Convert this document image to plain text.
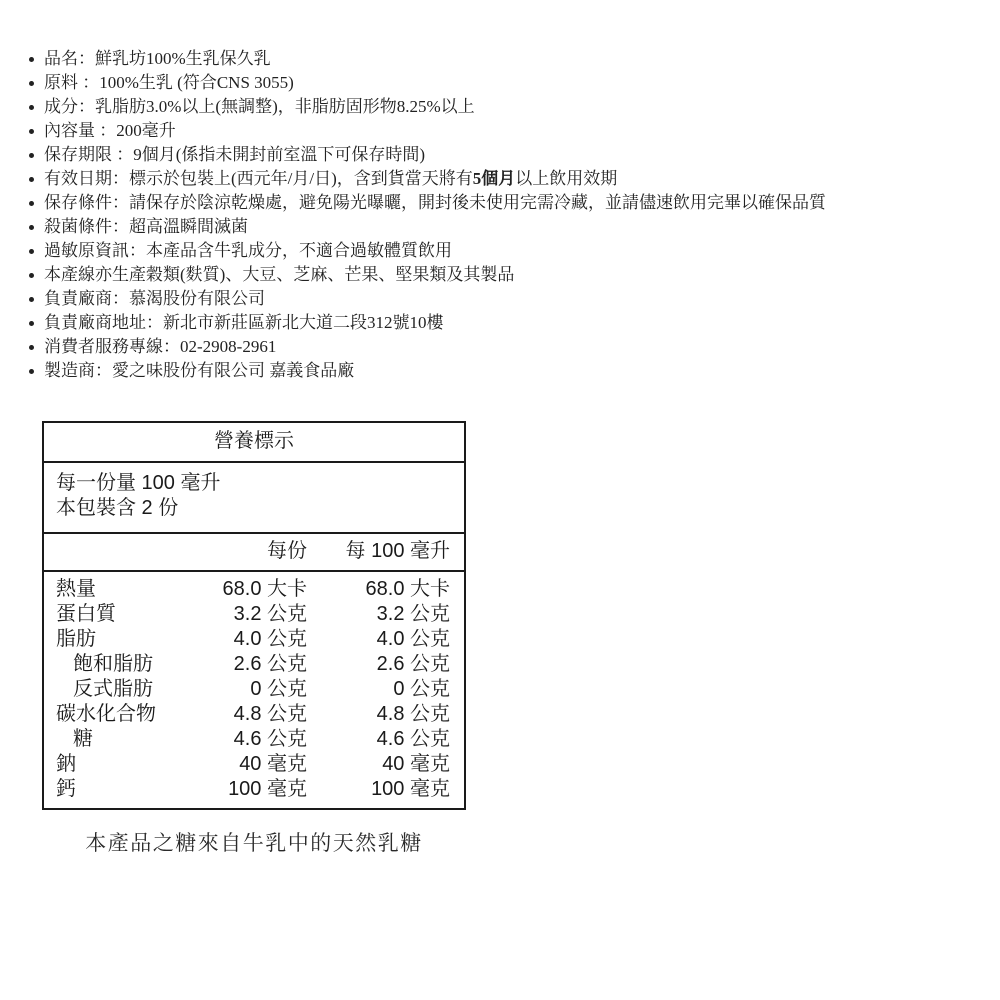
品名：鮮乳坊100%生乳保久乳
原料 ：100%生乳 (符合CNS 3055)
成分：乳脂肪3.0%以上(無調整)，非脂肪固形物8.25%以上
內容量 ：200毫升
保存期限 ：9個月(係指未開封前室溫下可保存時間)
有效日期：標示於包裝上(西元年/月/日)，含到貨當天將有5個月以上飲用效期
保存條件：請保存於陰涼乾燥處，避免陽光曝曬，開封後未使用完需冷藏，並請儘速飲用完畢以確保品質
殺菌條件：超高溫瞬間滅菌
過敏原資訊：本產品含牛乳成分，不適合過敏體質飲用
本產線亦生產穀類(麩質)、大豆、芝麻、芒果、堅果類及其製品
負責廠商：慕渴股份有限公司
負責廠商地址：新北市新莊區新北大道二段312號10樓
消費者服務專線：02-2908-2961
製造商：愛之味股份有限公司 嘉義食品廠
營養標示
每一份量 100 毫升
本包裝含 2 份
每份	每 100 毫升
熱量	68.0 大卡	68.0 大卡
蛋白質	3.2 公克	3.2 公克
脂肪	4.0 公克	4.0 公克
飽和脂肪	2.6 公克	2.6 公克
反式脂肪	0 公克	0 公克
碳水化合物	4.8 公克	4.8 公克
糖	4.6 公克	4.6 公克
鈉	40 毫克	40 毫克
鈣	100 毫克	100 毫克
本產品之糖來自牛乳中的天然乳糖
